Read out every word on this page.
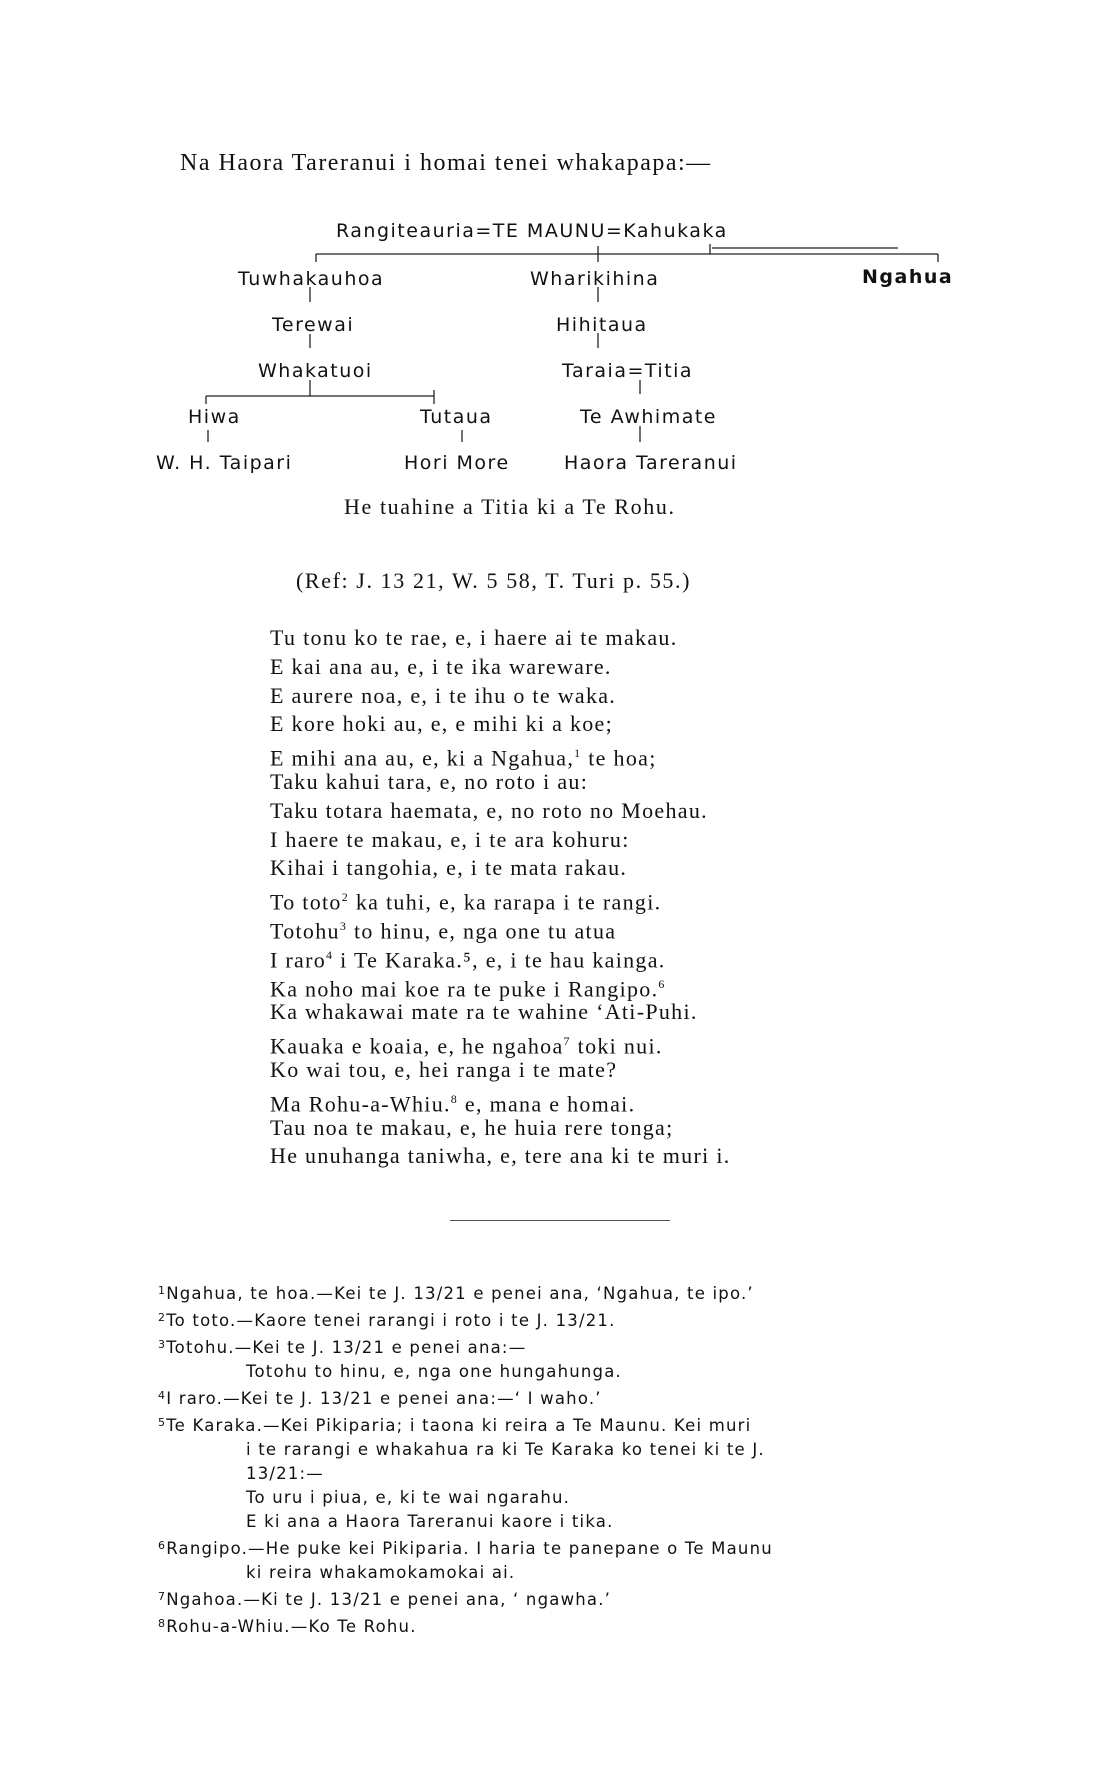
Na Haora Tareranui i homai tenei whakapapa:—
Rangiteauria=TE MAUNU=Kahukaka
Tuwhakauhoa
Terewai
Whakatuoi
Hiwa	Tutaua
W. H. Taipari	Hori More
Wharikihina
Hihitaua
Taraia=Titia
Te Awhimate
Haora Tareranui
Ngahua
He tuahine a Titia ki a Te Rohu.
(Ref: J. 13 21, W. 5 58, T. Turi p. 55.)
Tu tonu ko te rae, e, i haere ai te makau.
E kai ana au, e, i te ika wareware.
E aurere noa, e, i te ihu o te waka.
E kore hoki au, e, e mihi ki a koe;
E mihi ana au, e, ki a Ngahua,$^1$ te hoa;
Taku kahui tara, e, no roto i au:
Taku totara haemata, e, no roto no Moehau.
I haere te makau, e, i te ara kohuru:
Kihai i tangohia, e, i te mata rakau.
To toto$^2$ ka tuhi, e, ka rarapa i te rangi.
Totohu$^3$ to hinu, e, nga one tu atua
I raro$^4$ i Te Karaka.⁵, e, i te hau kainga.
Ka noho mai koe ra te puke i Rangipo.$^6$
Ka whakawai mate ra te wahine ‘Ati-Puhi.
Kauaka e koaia, e, he ngahoa$^7$ toki nui.
Ko wai tou, e, hei ranga i te mate?
Ma Rohu-a-Whiu.$^8$ e, mana e homai.
Tau noa te makau, e, he huia rere tonga;
He unuhanga taniwha, e, tere ana ki te muri i.
$^1$Ngahua, te hoa.—Kei te J. 13/21 e penei ana, ‘Ngahua, te ipo.’
$^2$To toto.—Kaore tenei rarangi i roto i te J. 13/21.
$^3$Totohu.—Kei te J. 13/21 e penei ana:—
Totohu to hinu, e, nga one hungahunga.
$^4$I raro.—Kei te J. 13/21 e penei ana:—‘ I waho.’
$^5$Te Karaka.—Kei Pikiparia; i taona ki reira a Te Maunu. Kei muri
i te rarangi e whakahua ra ki Te Karaka ko tenei ki te J.
13/21:—
To uru i piua, e, ki te wai ngarahu.
E ki ana a Haora Tareranui kaore i tika.
$^6$Rangipo.—He puke kei Pikiparia. I haria te panepane o Te Maunu
ki reira whakamokamokai ai.
$^7$Ngahoa.—Ki te J. 13/21 e penei ana, ‘ ngawha.’
$^8$Rohu-a-Whiu.—Ko Te Rohu.
